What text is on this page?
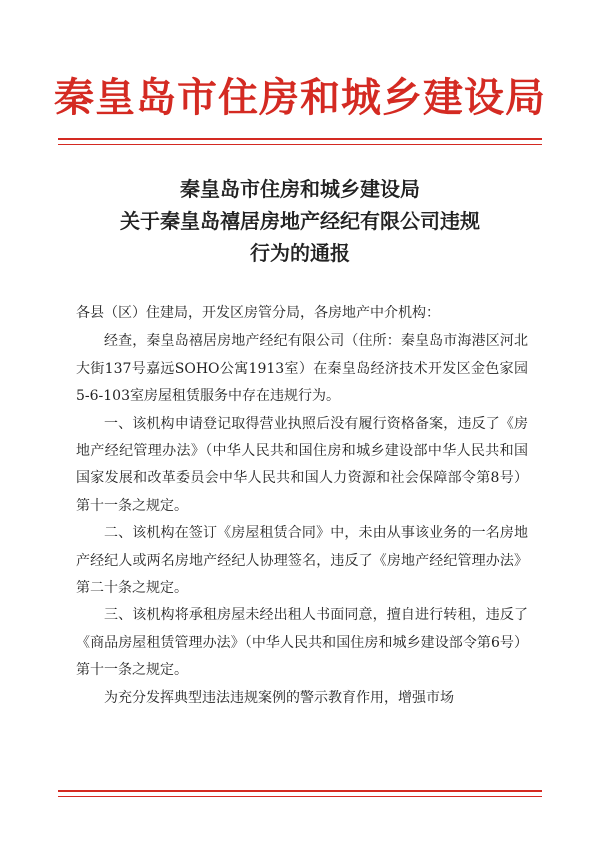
秦皇岛市住房和城乡建设局
秦皇岛市住房和城乡建设局
关于秦皇岛禧居房地产经纪有限公司违规
行为的通报

各县（区）住建局，开发区房管分局，各房地产中介机构：

经查，秦皇岛禧居房地产经纪有限公司（住所：秦皇岛市海港区河北大街137号嘉远SOHO公寓1913室）在秦皇岛经济技术开发区金色家园5-6-103室房屋租赁服务中存在违规行为。

一、该机构申请登记取得营业执照后没有履行资格备案，违反了《房地产经纪管理办法》（中华人民共和国住房和城乡建设部中华人民共和国国家发展和改革委员会中华人民共和国人力资源和社会保障部令第8号）第十一条之规定。

二、该机构在签订《房屋租赁合同》中，未由从事该业务的一名房地产经纪人或两名房地产经纪人协理签名，违反了《房地产经纪管理办法》第二十条之规定。

三、该机构将承租房屋未经出租人书面同意，擅自进行转租，违反了《商品房屋租赁管理办法》（中华人民共和国住房和城乡建设部令第6号）第十一条之规定。

为充分发挥典型违法违规案例的警示教育作用，增强市场
